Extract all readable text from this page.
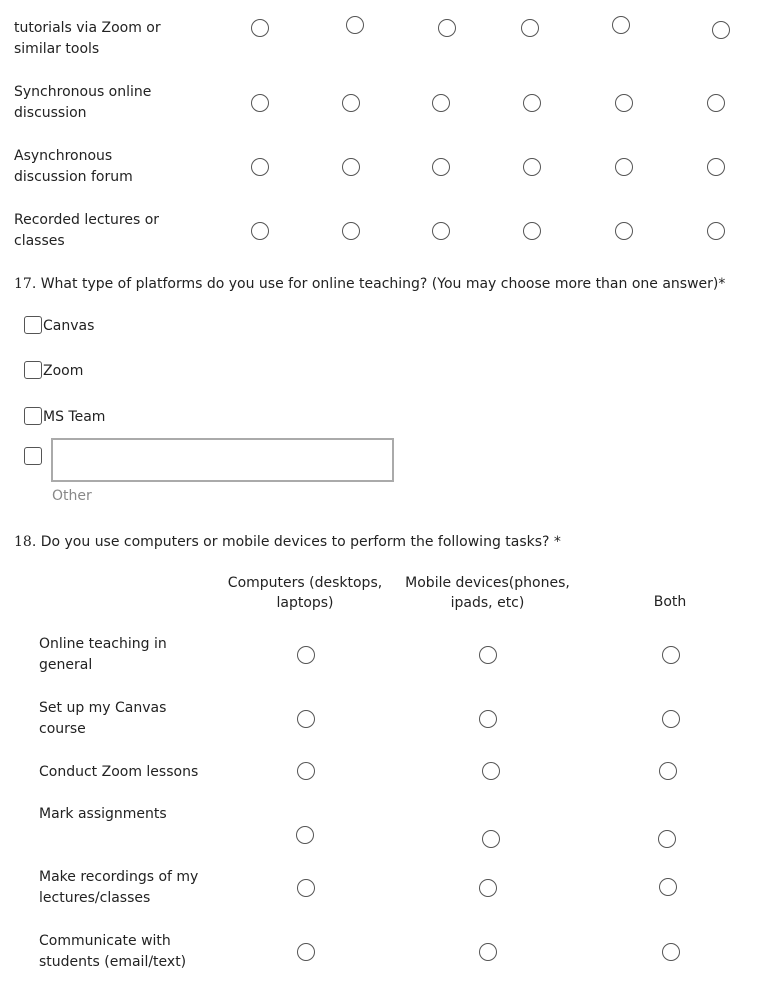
tutorials via Zoom or similar tools
Synchronous online discussion
Asynchronous discussion forum
Recorded lectures or classes
17. What type of platforms do you use for online teaching? (You may choose more than one answer)*
Canvas
Zoom
MS Team
Other
18. Do you use computers or mobile devices to perform the following tasks? *
Computers (desktops, laptops)
Mobile devices(phones, ipads, etc)	Both
Online teaching in general
Set up my Canvas course
Conduct Zoom lessons
Mark assignments
Make recordings of my lectures/classes
Communicate with students (email/text)
